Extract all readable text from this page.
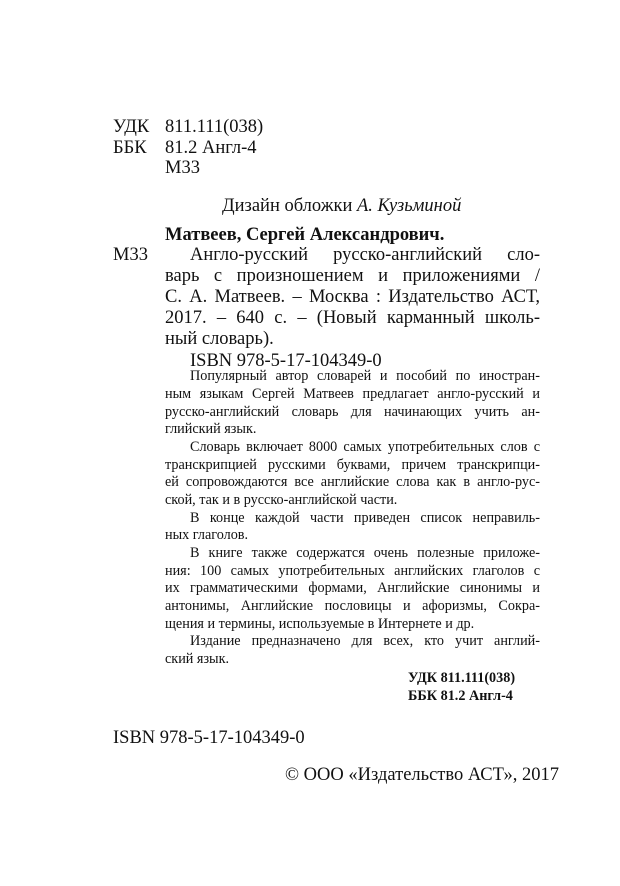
УДК 811.111(038)
ББК 81.2 Англ-4
М33
Дизайн обложки А. Кузьминой
Матвеев, Сергей Александрович.
М33 Англо-русский русско-английский сло-
варь с произношением и приложениями /
С. А. Матвеев. – Москва : Издательство АСТ,
2017. – 640 с. – (Новый карманный школь-
ный словарь).
ISBN 978-5-17-104349-0
Популярный автор словарей и пособий по иностран-
ным языкам Сергей Матвеев предлагает англо-русский и
русско-английский словарь для начинающих учить ан-
глийский язык.
Словарь включает 8000 самых употребительных слов с
транскрипцией русскими буквами, причем транскрипци-
ей сопровождаются все английские слова как в англо-рус-
ской, так и в русско-английской части.
В конце каждой части приведен список неправиль-
ных глаголов.
В книге также содержатся очень полезные приложе-
ния: 100 самых употребительных английских глаголов с
их грамматическими формами, Английские синонимы и
антонимы, Английские пословицы и афоризмы, Сокра-
щения и термины, используемые в Интернете и др.
Издание предназначено для всех, кто учит англий-
ский язык.
УДК 811.111(038)
ББК 81.2 Англ-4
ISBN 978-5-17-104349-0
© ООО «Издательство АСТ», 2017
